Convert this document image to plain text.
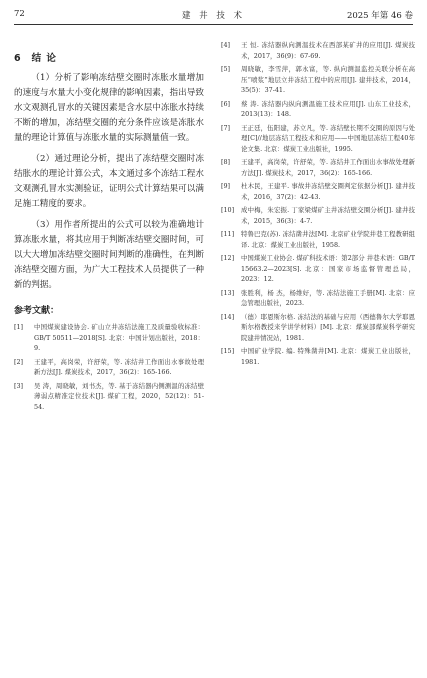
72	建 井 技 术	2025 年第 46 卷
6 结 论

（1）分析了影响冻结壁交圈时冻胀水量增加的速度与水量大小变化规律的影响因素，指出导致水文观测孔冒水的关键因素是含水层中冻胀水持续不断的增加，冻结壁交圈的充分条件应该是冻胀水量的理论计算值与冻胀水量的实际测量值一致。

（2）通过理论分析，提出了冻结壁交圈时冻结胀水的理论计算公式，本文通过多个冻结工程水文观测孔冒水实测验证，证明公式计算结果可以满足施工精度的要求。

（3）用作者所提出的公式可以较为准确地计算冻胀水量，将其应用于判断冻结壁交圈时间，可以大大增加冻结壁交圈时间判断的准确性，在判断冻结壁交圈方面，为广大工程技术人员提供了一种新的判据。

参考文献：
[1]	中国煤炭建设协会. 矿山立井冻结法施工及质量验收标准：GB/T 50511—2018[S]. 北京：中国计划出版社，2018：9.
[2]	王建平，高岗荣，许舒荣，等. 冻结井工作面出水事故处理新方法[J]. 煤炭技术，2017，36(2)：165-166.
[3]	吴 涛，周晓敏，刘书杰，等. 基于冻结器内侧测温的冻结壁薄弱点精准定位技术[J]. 煤矿工程，2020，52(12)：51-54.
[4]	王 恒. 冻结器纵向测温技术在西部某矿井的应用[J]. 煤炭技术，2017，36(9)：67-69.
[5]	周晓敏，李雪萍，郭永富，等. 纵向测温监控关联分析在高压“喷浆”地层立井冻结工程中的应用[J]. 建井技术，2014，35(5)：37-41.
[6]	蔡 涛. 冻结器内纵向测温施工技术应用[J]. 山东工业技术，2013(13)：148.
[7]	王正廷，伍阳建，苏立凡，等. 冻结壁长期不交圈的原因与处理[C]//地层冻结工程技术和应用——中国地层冻结工程40年论文集. 北京：煤炭工业出版社，1995.
[8]	王建平，高岗荣，许舒荣，等. 冻结井工作面出水事故处理新方法[J]. 煤炭技术，2017，36(2)：165-166.
[9]	杜木民，王建平. 事故井冻结壁交圈判定依据分析[J]. 建井技术，2016，37(2)：42-43.
[10]	成中梅，朱宏振. 丁家梁煤矿主井冻结壁交圈分析[J]. 建井技术，2015，36(3)：4-7.
[11]	特鲁巴克(苏). 冻结凿井法[M]. 北京矿业学院井巷工程教研组译. 北京：煤炭工业出版社，1958.
[12]	中国煤炭工业协会. 煤矿科技术语：第2部分 井巷术语：GB/T 15663.2—2023[S]. 北京：国家市场监督管理总局，2023：12.
[13]	张胜利，杨 杰，杨维好，等. 冻结法施工手册[M]. 北京：应急管理出版社，2023.
[14]	（德）耶恩斯尔格. 冻结法的基础与应用（西德鲁尔大学耶恩斯尔格教授来学讲学材料）[M]. 北京：煤炭部煤炭科学研究院建井情况站，1981.
[15]	中国矿业学院. 编. 特殊凿井[M]. 北京：煤炭工业出版社，1981.
